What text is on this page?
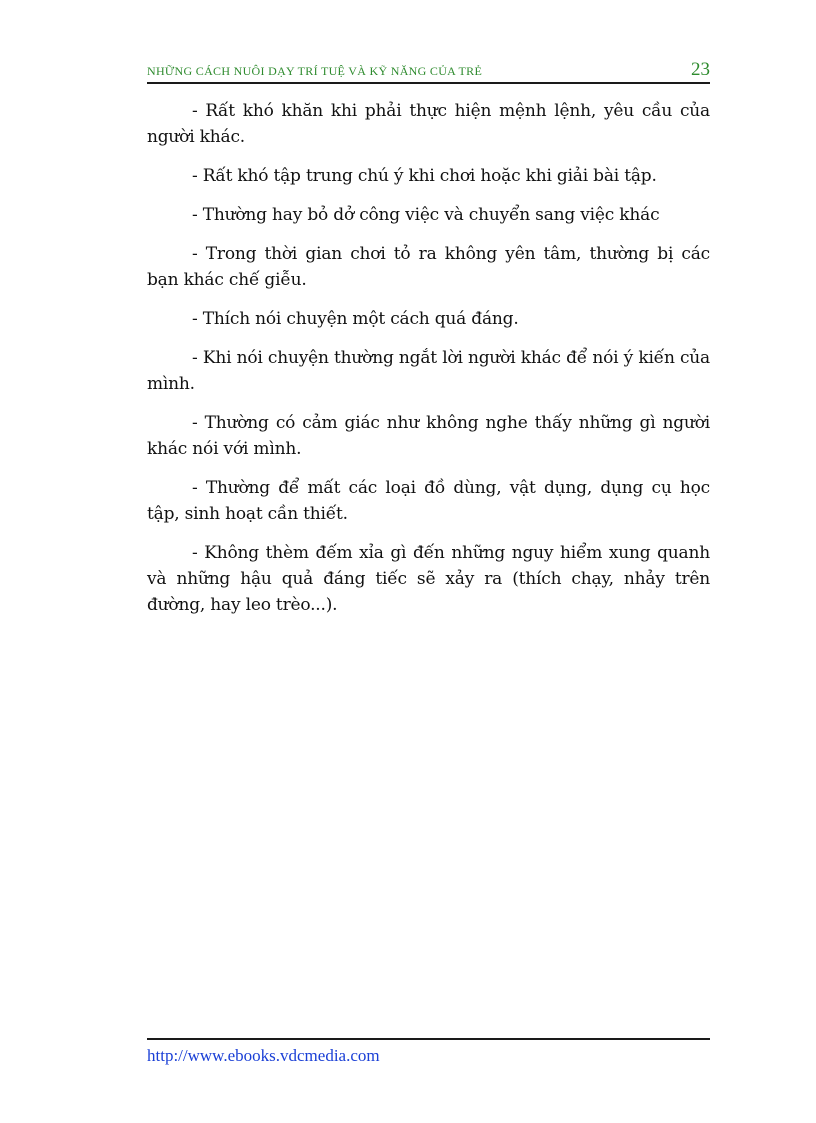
NHỮNG CÁCH NUÔI DẠY TRÍ TUỆ VÀ KỸ NĂNG CỦA TRẺ	23

- Rất khó khăn khi phải thực hiện mệnh lệnh, yêu cầu của người khác.

- Rất khó tập trung chú ý khi chơi hoặc khi giải bài tập.

- Thường hay bỏ dở công việc và chuyển sang việc khác

- Trong thời gian chơi tỏ ra không yên tâm, thường bị các bạn khác chế giễu.

- Thích nói chuyện một cách quá đáng.

- Khi nói chuyện thường ngắt lời người khác để nói ý kiến của mình.

- Thường có cảm giác như không nghe thấy những gì người khác nói với mình.

- Thường để mất các loại đồ dùng, vật dụng, dụng cụ học tập, sinh hoạt cần thiết.

- Không thèm đếm xỉa gì đến những nguy hiểm xung quanh và những hậu quả đáng tiếc sẽ xảy ra (thích chạy, nhảy trên đường, hay leo trèo...).

http://www.ebooks.vdcmedia.com
